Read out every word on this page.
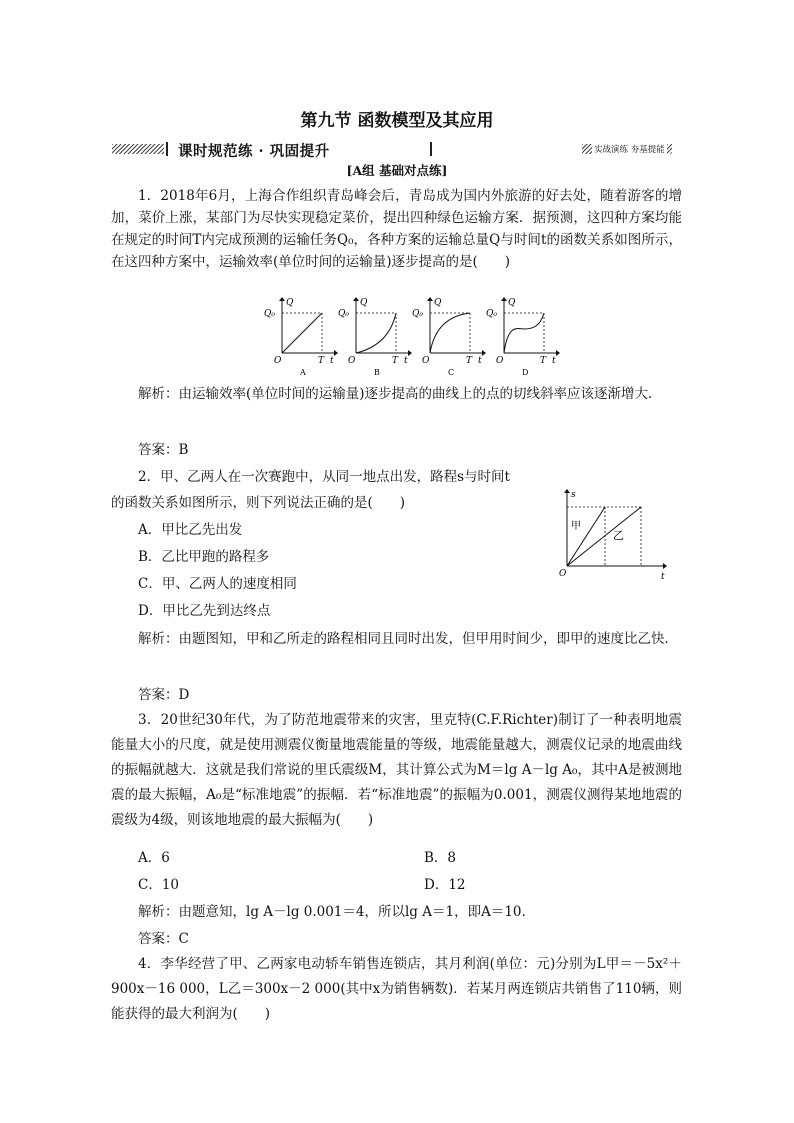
第九节 函数模型及其应用
课时规范练 · 巩固提升	实战演练 夯基提能
[A组 基础对点练]

1．2018年6月，上海合作组织青岛峰会后，青岛成为国内外旅游的好去处，随着游客的增加，菜价上涨，某部门为尽快实现稳定菜价，提出四种绿色运输方案．据预测，这四种方案均能在规定的时间T内完成预测的运输任务Q₀，各种方案的运输总量Q与时间t的函数关系如图所示，在这四种方案中，运输效率(单位时间的运输量)逐步提高的是(　　)

Q
Q₀
O	T t
A
Q
Q₀
O	T t
B
Q
Q₀
O	T t
C
Q
Q₀
O	T t
D

解析：由运输效率(单位时间的运输量)逐步提高的曲线上的点的切线斜率应该逐渐增大．

答案：B
2．甲、乙两人在一次赛跑中，从同一地点出发，路程s与时间t
的函数关系如图所示，则下列说法正确的是(　　)
A．甲比乙先出发
B．乙比甲跑的路程多
C．甲、乙两人的速度相同
D．甲比乙先到达终点
s
O	t
甲
乙

解析：由题图知，甲和乙所走的路程相同且同时出发，但甲用时间少，即甲的速度比乙快．

答案：D

3．20世纪30年代，为了防范地震带来的灾害，里克特(C.F.Richter)制订了一种表明地震能量大小的尺度，就是使用测震仪衡量地震能量的等级，地震能量越大，测震仪记录的地震曲线的振幅就越大．这就是我们常说的里氏震级M，其计算公式为M＝lg A－lg A₀，其中A是被测地震的最大振幅，A₀是“标准地震”的振幅．若“标准地震”的振幅为0.001，测震仪测得某地地震的震级为4级，则该地地震的最大振幅为(　　)

A．6	B．8
C．10	D．12
解析：由题意知，lg A－lg 0.001＝4，所以lg A＝1，即A＝10.
答案：C

4．李华经营了甲、乙两家电动轿车销售连锁店，其月利润(单位：元)分别为L甲＝－5x²＋900x－16 000，L乙＝300x－2 000(其中x为销售辆数)．若某月两连锁店共销售了110辆，则能获得的最大利润为(　　)
